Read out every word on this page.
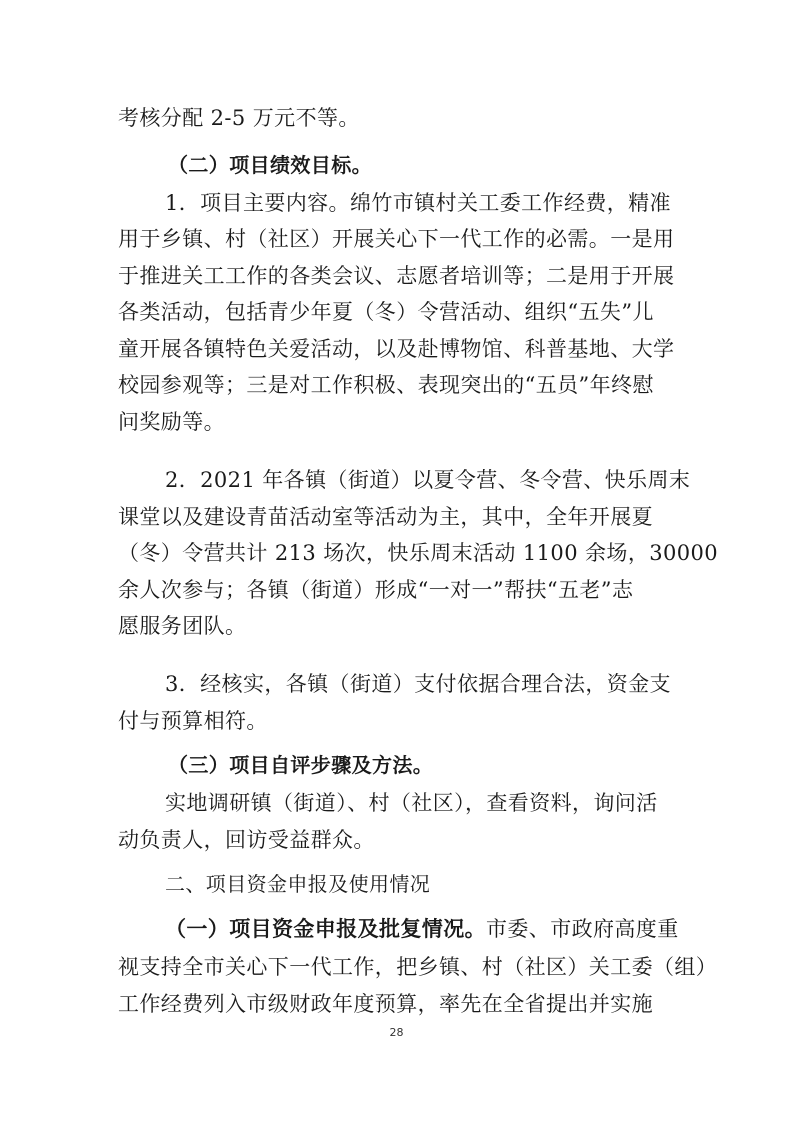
考核分配 2-5 万元不等。
（二）项目绩效目标。
1．项目主要内容。绵竹市镇村关工委工作经费，精准
用于乡镇、村（社区）开展关心下一代工作的必需。一是用
于推进关工工作的各类会议、志愿者培训等；二是用于开展
各类活动，包括青少年夏（冬）令营活动、组织“五失”儿
童开展各镇特色关爱活动，以及赴博物馆、科普基地、大学
校园参观等；三是对工作积极、表现突出的“五员”年终慰
问奖励等。
2．2021 年各镇（街道）以夏令营、冬令营、快乐周末
课堂以及建设青苗活动室等活动为主，其中，全年开展夏
（冬）令营共计 213 场次，快乐周末活动 1100 余场，30000
余人次参与；各镇（街道）形成“一对一”帮扶“五老”志
愿服务团队。
3．经核实，各镇（街道）支付依据合理合法，资金支
付与预算相符。
（三）项目自评步骤及方法。
实地调研镇（街道）、村（社区），查看资料，询问活
动负责人，回访受益群众。
二、项目资金申报及使用情况
（一）项目资金申报及批复情况。市委、市政府高度重
视支持全市关心下一代工作，把乡镇、村（社区）关工委（组）
工作经费列入市级财政年度预算，率先在全省提出并实施
28
